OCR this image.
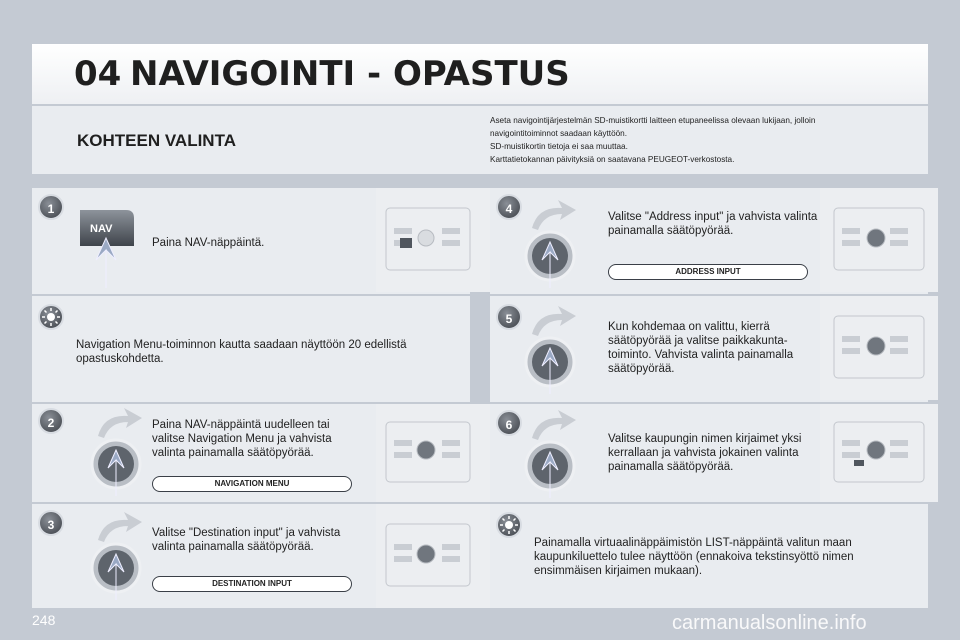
04 NAVIGOINTI - OPASTUS
KOHTEEN VALINTA
Aseta navigointijärjestelmän SD-muistikortti laitteen etupaneelissa olevaan lukijaan, jolloin
navigointitoiminnot saadaan käyttöön.
SD-muistikortin tietoja ei saa muuttaa.
Karttatietokannan päivityksiä on saatavana PEUGEOT-verkostosta.
1
NAV
Paina NAV-näppäintä.
Navigation Menu-toiminnon kautta saadaan näyttöön 20 edellistä opastuskohdetta.
2	Paina NAV-näppäintä uudelleen tai valitse Navigation Menu ja vahvista valinta painamalla säätöpyörää.
NAVIGATION MENU
3
Valitse "Destination input" ja vahvista valinta painamalla säätöpyörää.
DESTINATION INPUT
4
Valitse "Address input" ja vahvista valinta painamalla säätöpyörää.
ADDRESS INPUT
5
Kun kohdemaa on valittu, kierrä säätöpyörää ja valitse paikkakunta-toiminto. Vahvista valinta painamalla säätöpyörää.
6
Valitse kaupungin nimen kirjaimet yksi kerrallaan ja vahvista jokainen valinta painamalla säätöpyörää.
Painamalla virtuaalinäppäimistön LIST-näppäintä valitun maan kaupunkiluettelo tulee näyttöön (ennakoiva tekstinsyöttö nimen ensimmäisen kirjaimen mukaan).
248	carmanualsonline.info
